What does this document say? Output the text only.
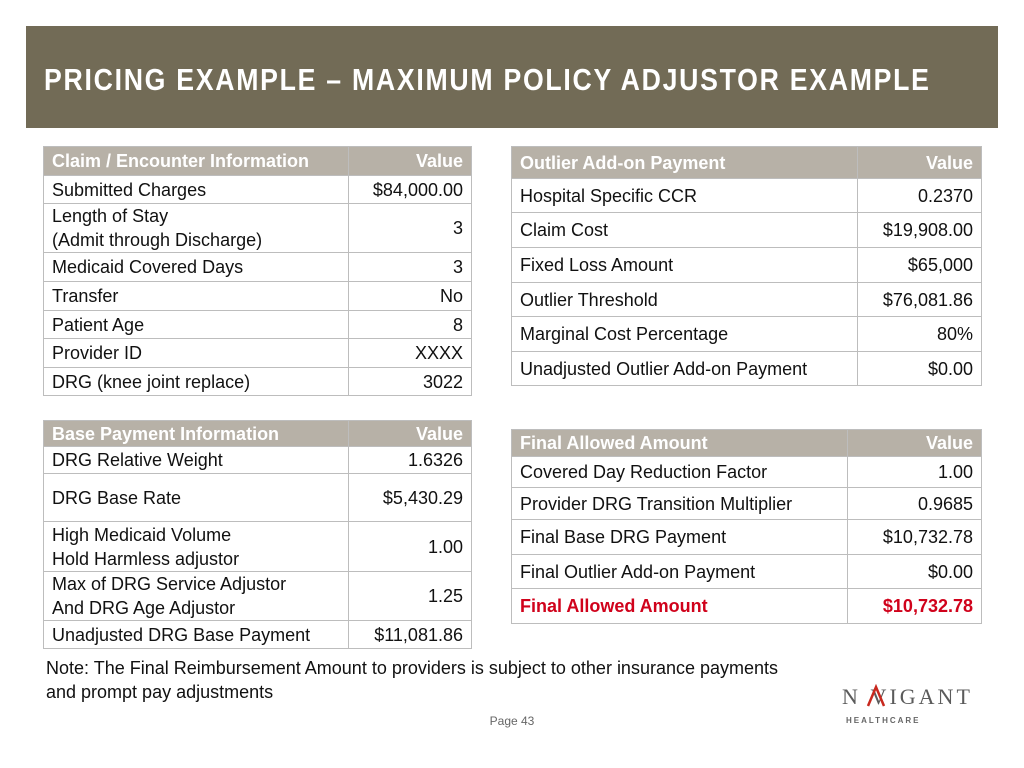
PRICING EXAMPLE – MAXIMUM POLICY ADJUSTOR EXAMPLE
Claim / Encounter Information	Value
Submitted Charges	$84,000.00
Length of Stay
(Admit through Discharge)	3
Medicaid Covered Days	3
Transfer	No
Patient Age	8
Provider ID	XXXX
DRG (knee joint replace)	3022
Base Payment Information	Value
DRG Relative Weight	1.6326
DRG Base Rate	$5,430.29
High Medicaid Volume
Hold Harmless adjustor	1.00
Max of DRG Service Adjustor
And DRG Age Adjustor	1.25
Unadjusted DRG Base Payment	$11,081.86
Outlier Add-on Payment	Value
Hospital Specific CCR	0.2370
Claim Cost	$19,908.00
Fixed Loss Amount	$65,000
Outlier Threshold	$76,081.86
Marginal Cost Percentage	80%
Unadjusted Outlier Add-on Payment	$0.00
Final Allowed Amount	Value
Covered Day Reduction Factor	1.00
Provider DRG Transition Multiplier	0.9685
Final Base DRG Payment	$10,732.78
Final Outlier Add-on Payment	$0.00
Final Allowed Amount	$10,732.78
Note: The Final Reimbursement Amount to providers is subject to other insurance payments
and prompt pay adjustments
Page 43
N  VIGANT
HEALTHCARE
